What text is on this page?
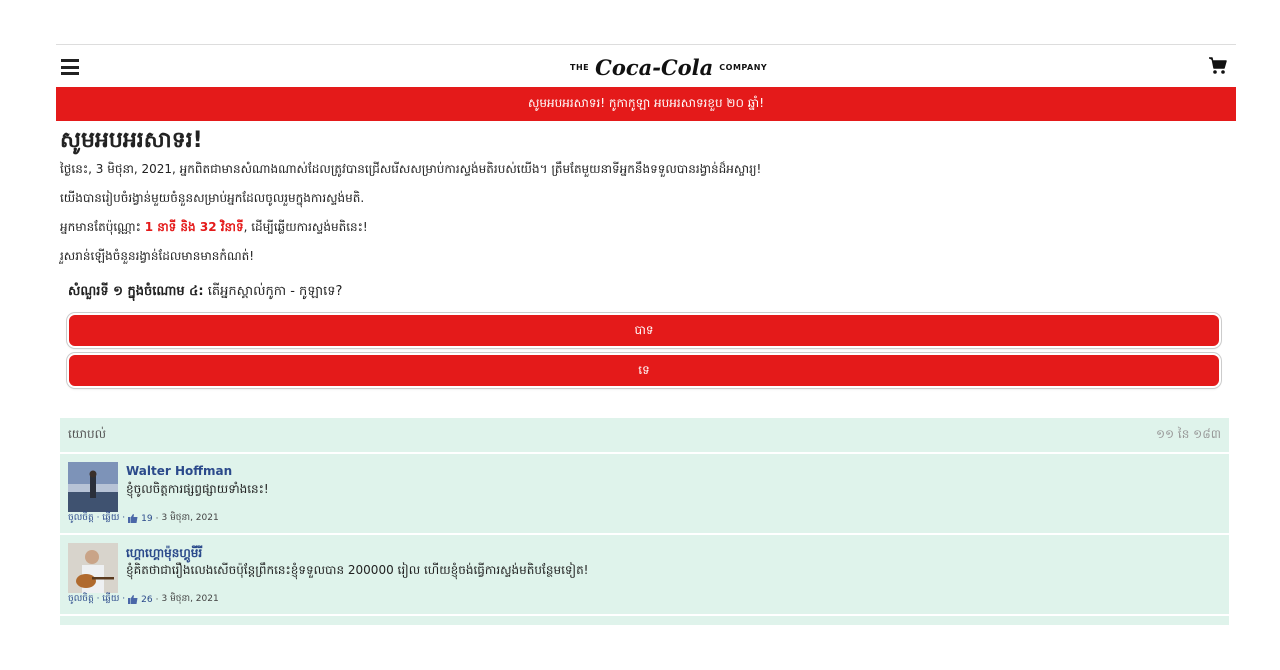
THE Coca-Cola COMPANY
សូមអបអរសាទរ! កូកាកូឡា អបអរសាទរខួប ២០ ឆ្នាំ!
សូមអបអរសាទរ!

ថ្ងៃនេះ, 3 មិថុនា, 2021, អ្នកពិតជាមានសំណាងណាស់ដែលត្រូវបានជ្រើសរើសសម្រាប់ការស្ទង់មតិរបស់យើង។ ត្រឹមតែមួយនាទីអ្នកនឹងទទួលបានរង្វាន់ដ៏អស្ចារ្យ!

យើងបានរៀបចំរង្វាន់មួយចំនួនសម្រាប់អ្នកដែលចូលរួមក្នុងការស្ទង់មតិ.

អ្នកមានតែប៉ុណ្ណោះ 1 នាទី និង 32 វិនាទី, ដើម្បីឆ្លើយការស្ទង់មតិនេះ!

រួសរាន់ឡើងចំនួនរង្វាន់ដែលមានមានកំណត់!

សំណួរទី ១ ក្នុងចំណោម ៤: តើអ្នកស្គាល់កូកា - កូឡាទេ?
បាទ
ទេ
យោបល់	១១ នៃ ១៨៣
Walter Hoffman
ខ្ញុំចូលចិត្តការផ្សព្វផ្សាយទាំងនេះ!
ចូលចិត្ត · ឆ្លើយ · 19 · 3 មិថុនា, 2021
ហ្គោហ្គោម៉ុនហ្គូមីរី
ខ្ញុំគិតថាជារឿងលេងសើចប៉ុន្តែព្រឹកនេះខ្ញុំទទួលបាន 200000 រៀល ហើយខ្ញុំចង់ធ្វើការស្ទង់មតិបន្ថែមទៀត!
ចូលចិត្ត · ឆ្លើយ · 26 · 3 មិថុនា, 2021
